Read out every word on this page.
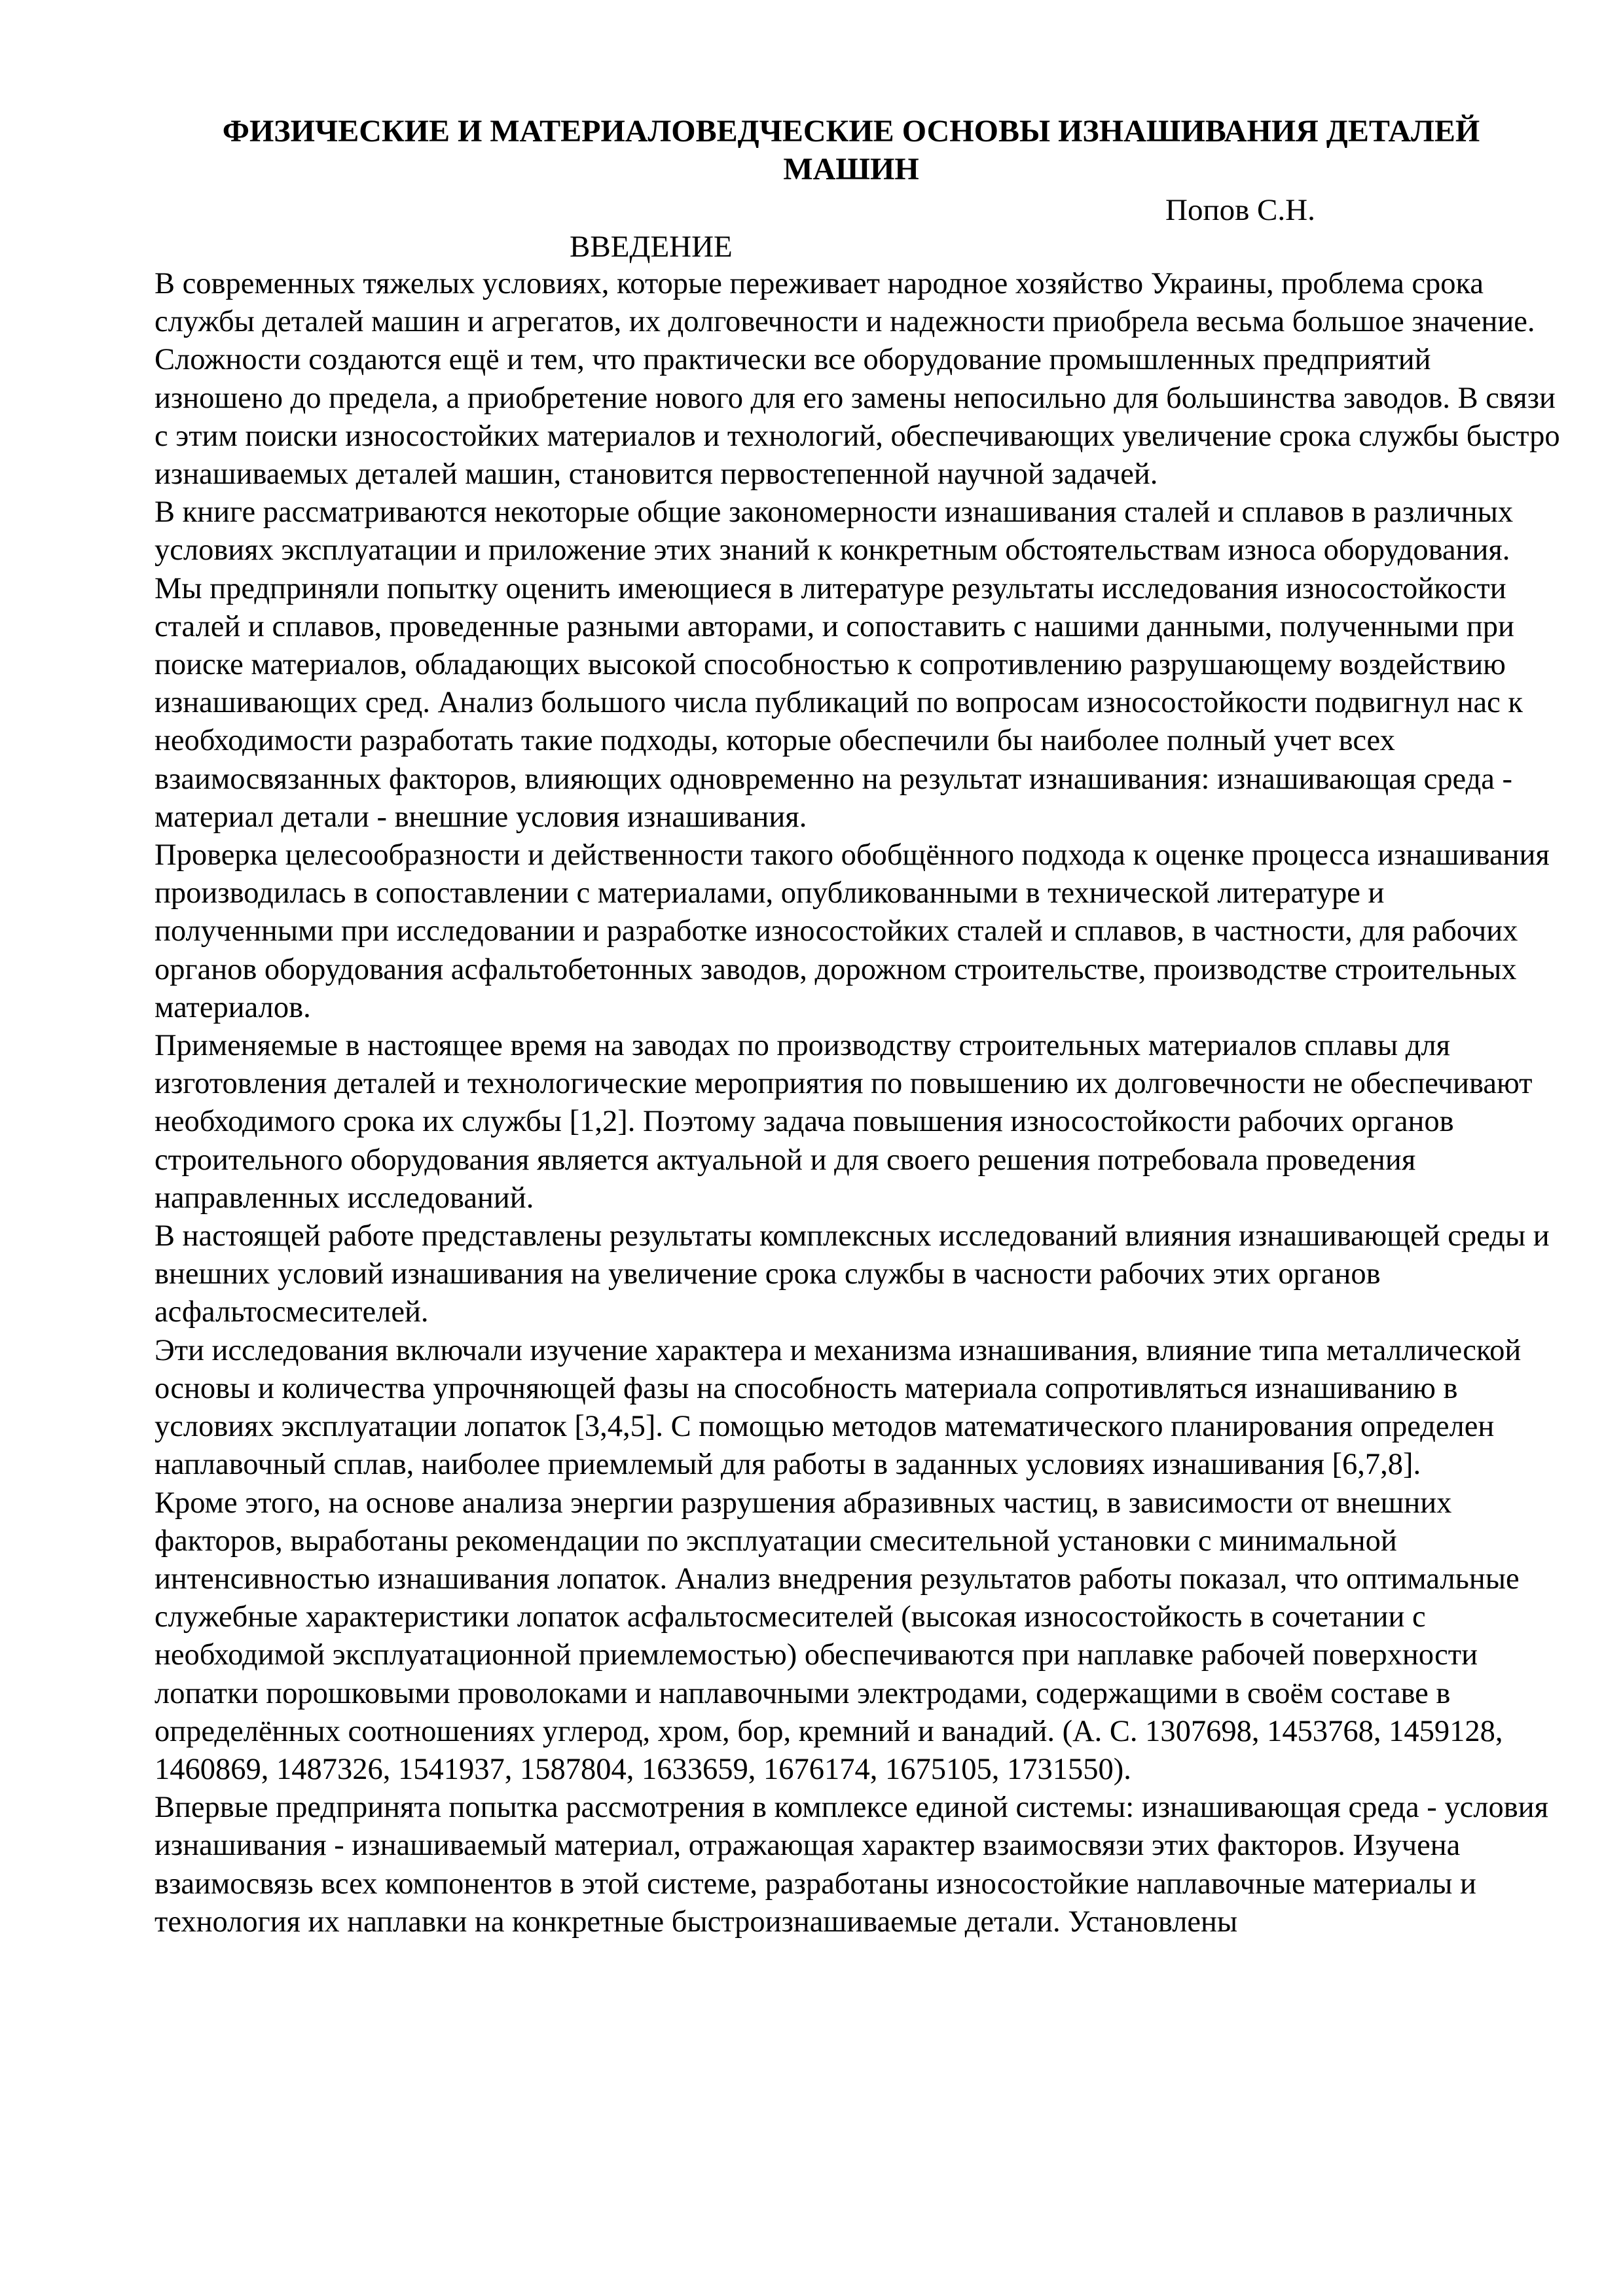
ФИЗИЧЕСКИЕ И МАТЕРИАЛОВЕДЧЕСКИЕ ОСНОВЫ ИЗНАШИВАНИЯ ДЕТАЛЕЙ МАШИН
Попов С.Н.
ВВЕДЕНИЕ

В современных тяжелых условиях, которые переживает народное хозяйство Украины, проблема срока службы деталей машин и агрегатов, их долговечности и надежности приобрела весьма большое значение. Сложности создаются ещё и тем, что практически все оборудование промышленных предприятий изношено до предела, а приобретение нового для его замены непосильно для большинства заводов. В связи с этим поиски износостойких материалов и технологий, обеспечивающих увеличение срока службы быстро изнашиваемых деталей машин, становится первостепенной научной задачей.

В книге рассматриваются некоторые общие закономерности изнашивания сталей и сплавов в различных условиях эксплуатации и приложение этих знаний к конкретным обстоятельствам износа оборудования.

Мы предприняли попытку оценить имеющиеся в литературе результаты исследования износостойкости сталей и сплавов, проведенные разными авторами, и сопоставить с нашими данными, полученными при поиске материалов, обладающих высокой способностью к сопротивлению разрушающему воздействию изнашивающих сред. Анализ большого числа публикаций по вопросам износостойкости подвигнул нас к необходимости разработать такие подходы, которые обеспечили бы наиболее полный учет всех взаимосвязанных факторов, влияющих одновременно на результат изнашивания: изнашивающая среда - материал детали - внешние условия изнашивания.

Проверка целесообразности и действенности такого обобщённого подхода к оценке процесса изнашивания производилась в сопоставлении с материалами, опубликованными в технической литературе и полученными при исследовании и разработке износостойких сталей и сплавов, в частности, для рабочих органов оборудования асфальтобетонных заводов, дорожном строительстве, производстве строительных материалов.

Применяемые в настоящее время на заводах по производству строительных материалов сплавы для изготовления деталей и технологические мероприятия по повышению их долговечности не обеспечивают необходимого срока их службы [1,2]. Поэтому задача повышения износостойкости рабочих органов строительного оборудования является актуальной и для своего решения потребовала проведения направленных исследований.

В настоящей работе представлены результаты комплексных исследований влияния изнашивающей среды и внешних условий изнашивания на увеличение срока службы в часности рабочих этих органов асфальтосмесителей.

Эти исследования включали изучение характера и механизма изнашивания, влияние типа металлической основы и количества упрочняющей фазы на способность материала сопротивляться изнашиванию в условиях эксплуатации лопаток [3,4,5]. С помощью методов математического планирования определен наплавочный сплав, наиболее приемлемый для работы в заданных условиях изнашивания [6,7,8].

Кроме этого, на основе анализа энергии разрушения абразивных частиц, в зависимости от внешних факторов, выработаны рекомендации по эксплуатации смесительной установки с минимальной интенсивностью изнашивания лопаток. Анализ внедрения результатов работы показал, что оптимальные служебные характеристики лопаток асфальтосмесителей (высокая износостойкость в сочетании с необходимой эксплуатационной приемлемостью) обеспечиваются при наплавке рабочей поверхности лопатки порошковыми проволоками и наплавочными электродами, содержащими в своём составе в определённых соотношениях углерод, хром, бор, кремний и ванадий. (А. С. 1307698, 1453768, 1459128, 1460869, 1487326, 1541937, 1587804, 1633659, 1676174, 1675105, 1731550).

Впервые предпринята попытка рассмотрения в комплексе единой системы: изнашивающая среда - условия изнашивания - изнашиваемый материал, отражающая характер взаимосвязи этих факторов. Изучена взаимосвязь всех компонентов в этой системе, разработаны износостойкие наплавочные материалы и технология их наплавки на конкретные быстроизнашиваемые детали. Установлены
